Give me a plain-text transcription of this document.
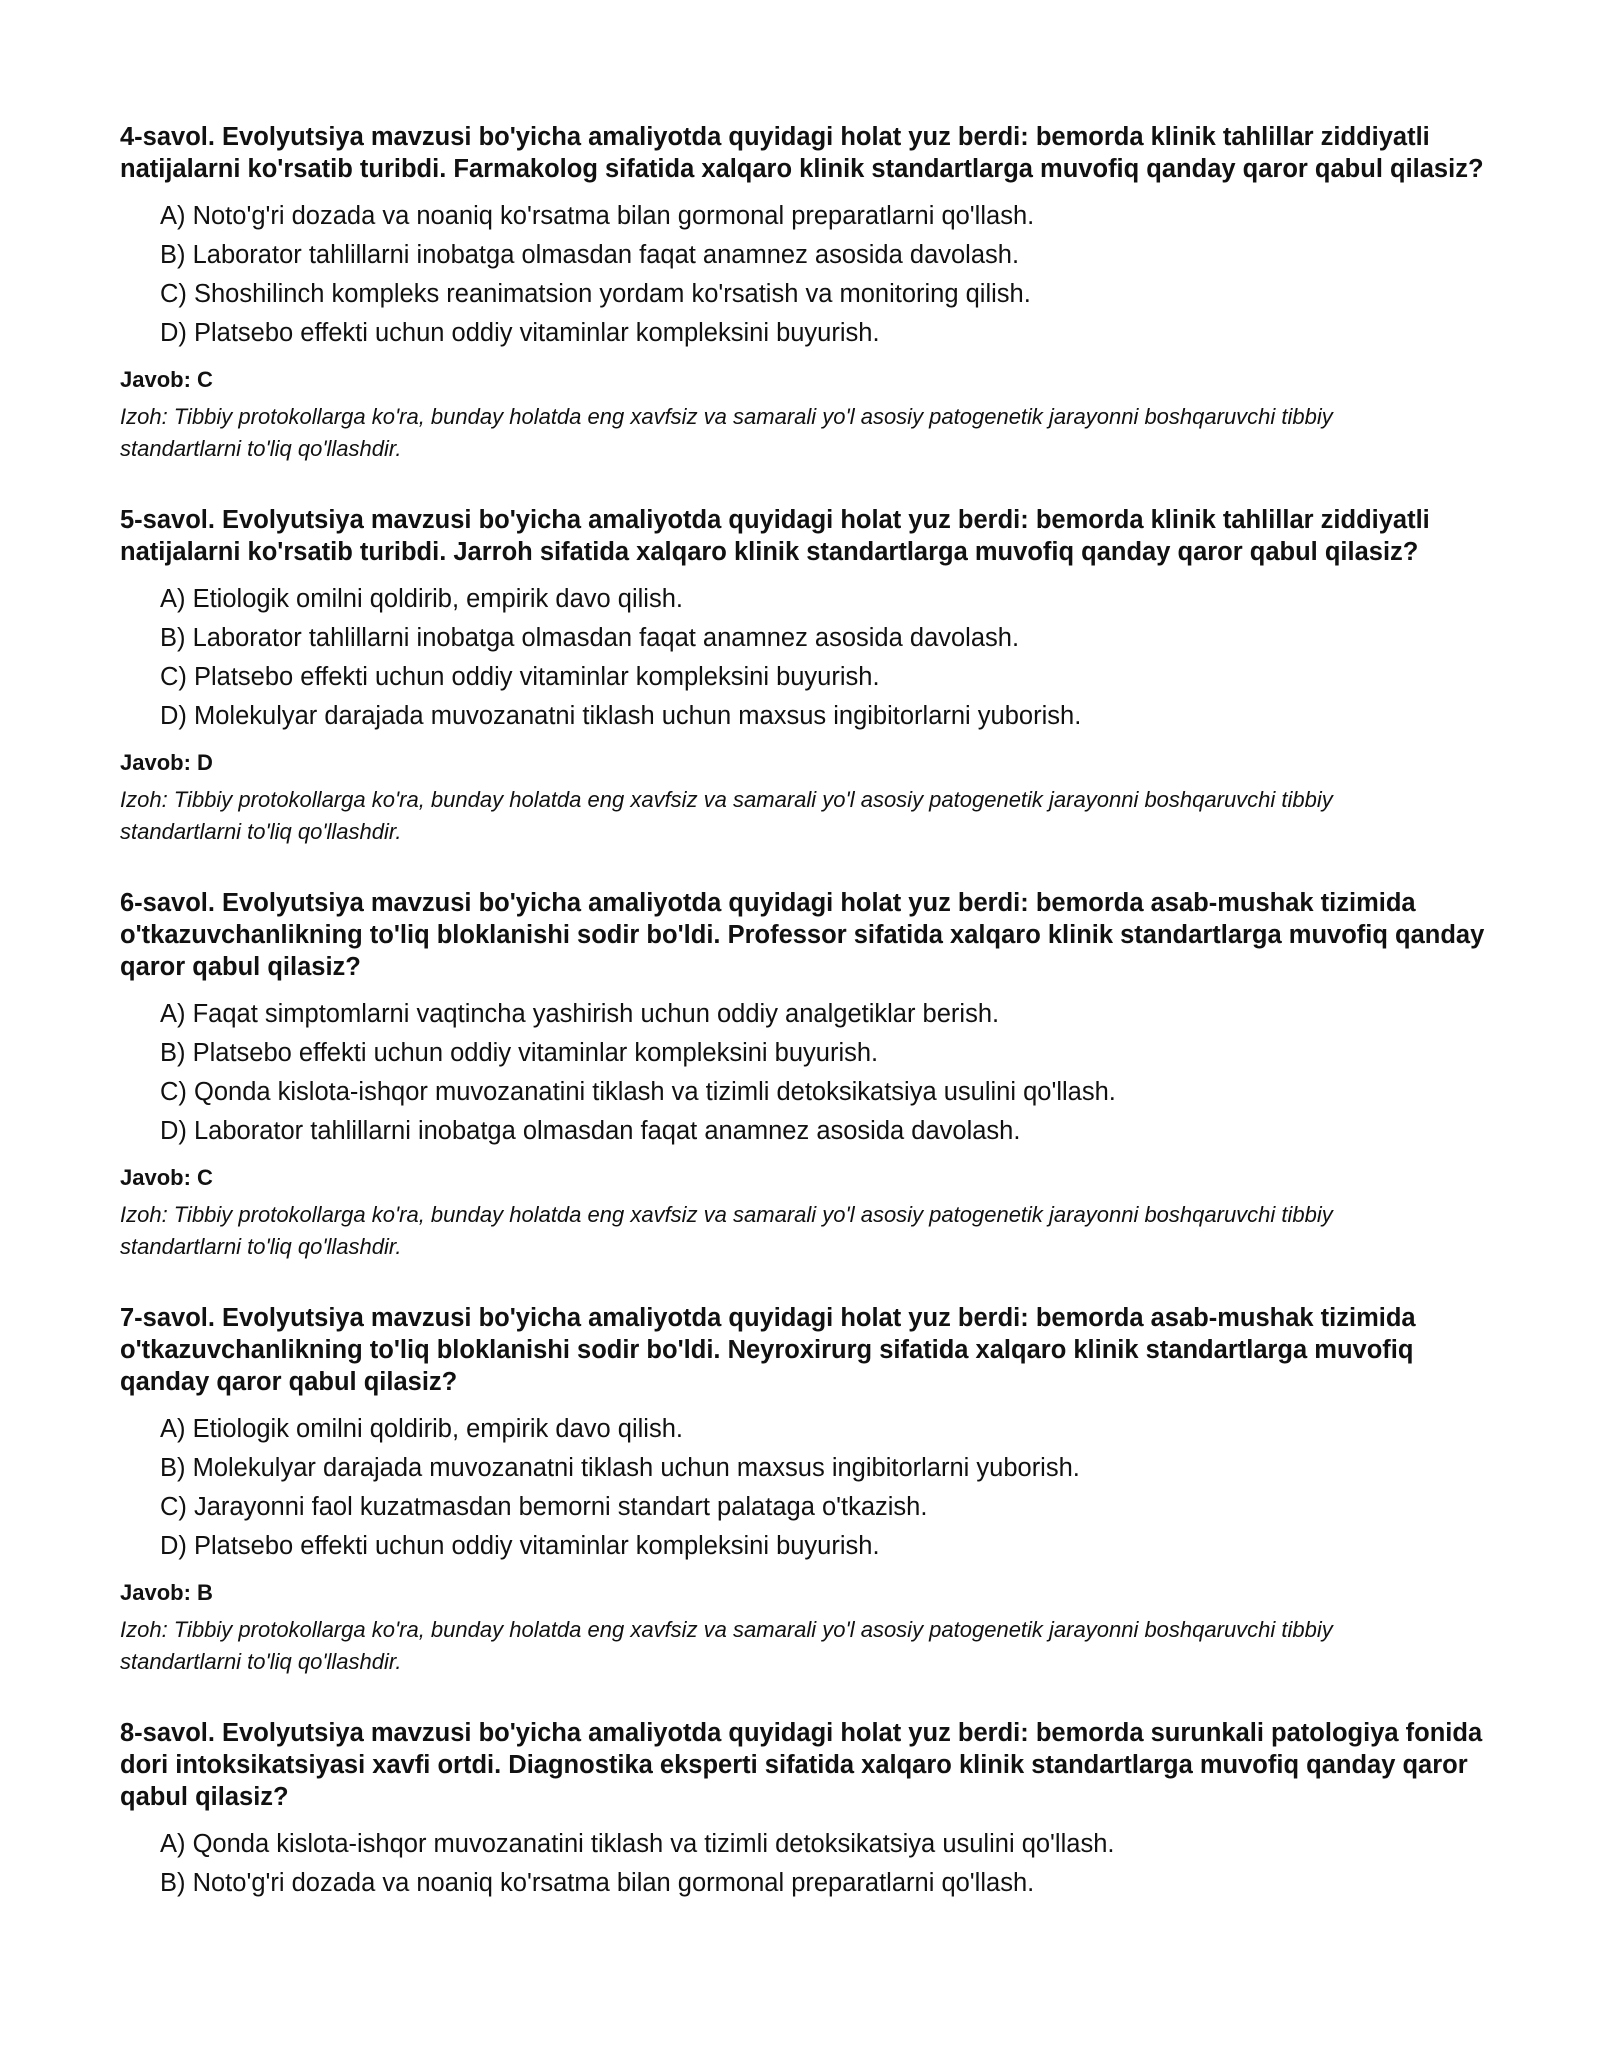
4-savol. Evolyutsiya mavzusi bo'yicha amaliyotda quyidagi holat yuz berdi: bemorda klinik tahlillar ziddiyatli natijalarni ko'rsatib turibdi. Farmakolog sifatida xalqaro klinik standartlarga muvofiq qanday qaror qabul qilasiz?
A) Noto'g'ri dozada va noaniq ko'rsatma bilan gormonal preparatlarni qo'llash.
B) Laborator tahlillarni inobatga olmasdan faqat anamnez asosida davolash.
C) Shoshilinch kompleks reanimatsion yordam ko'rsatish va monitoring qilish.
D) Platsebo effekti uchun oddiy vitaminlar kompleksini buyurish.
Javob: C
Izoh: Tibbiy protokollarga ko'ra, bunday holatda eng xavfsiz va samarali yo'l asosiy patogenetik jarayonni boshqaruvchi tibbiy standartlarni to'liq qo'llashdir.
5-savol. Evolyutsiya mavzusi bo'yicha amaliyotda quyidagi holat yuz berdi: bemorda klinik tahlillar ziddiyatli natijalarni ko'rsatib turibdi. Jarroh sifatida xalqaro klinik standartlarga muvofiq qanday qaror qabul qilasiz?
A) Etiologik omilni qoldirib, empirik davo qilish.
B) Laborator tahlillarni inobatga olmasdan faqat anamnez asosida davolash.
C) Platsebo effekti uchun oddiy vitaminlar kompleksini buyurish.
D) Molekulyar darajada muvozanatni tiklash uchun maxsus ingibitorlarni yuborish.
Javob: D
Izoh: Tibbiy protokollarga ko'ra, bunday holatda eng xavfsiz va samarali yo'l asosiy patogenetik jarayonni boshqaruvchi tibbiy standartlarni to'liq qo'llashdir.
6-savol. Evolyutsiya mavzusi bo'yicha amaliyotda quyidagi holat yuz berdi: bemorda asab-mushak tizimida o'tkazuvchanlikning to'liq bloklanishi sodir bo'ldi. Professor sifatida xalqaro klinik standartlarga muvofiq qanday qaror qabul qilasiz?
A) Faqat simptomlarni vaqtincha yashirish uchun oddiy analgetiklar berish.
B) Platsebo effekti uchun oddiy vitaminlar kompleksini buyurish.
C) Qonda kislota-ishqor muvozanatini tiklash va tizimli detoksikatsiya usulini qo'llash.
D) Laborator tahlillarni inobatga olmasdan faqat anamnez asosida davolash.
Javob: C
Izoh: Tibbiy protokollarga ko'ra, bunday holatda eng xavfsiz va samarali yo'l asosiy patogenetik jarayonni boshqaruvchi tibbiy standartlarni to'liq qo'llashdir.
7-savol. Evolyutsiya mavzusi bo'yicha amaliyotda quyidagi holat yuz berdi: bemorda asab-mushak tizimida o'tkazuvchanlikning to'liq bloklanishi sodir bo'ldi. Neyroxirurg sifatida xalqaro klinik standartlarga muvofiq qanday qaror qabul qilasiz?
A) Etiologik omilni qoldirib, empirik davo qilish.
B) Molekulyar darajada muvozanatni tiklash uchun maxsus ingibitorlarni yuborish.
C) Jarayonni faol kuzatmasdan bemorni standart palataga o'tkazish.
D) Platsebo effekti uchun oddiy vitaminlar kompleksini buyurish.
Javob: B
Izoh: Tibbiy protokollarga ko'ra, bunday holatda eng xavfsiz va samarali yo'l asosiy patogenetik jarayonni boshqaruvchi tibbiy standartlarni to'liq qo'llashdir.
8-savol. Evolyutsiya mavzusi bo'yicha amaliyotda quyidagi holat yuz berdi: bemorda surunkali patologiya fonida dori intoksikatsiyasi xavfi ortdi. Diagnostika eksperti sifatida xalqaro klinik standartlarga muvofiq qanday qaror qabul qilasiz?
A) Qonda kislota-ishqor muvozanatini tiklash va tizimli detoksikatsiya usulini qo'llash.
B) Noto'g'ri dozada va noaniq ko'rsatma bilan gormonal preparatlarni qo'llash.
